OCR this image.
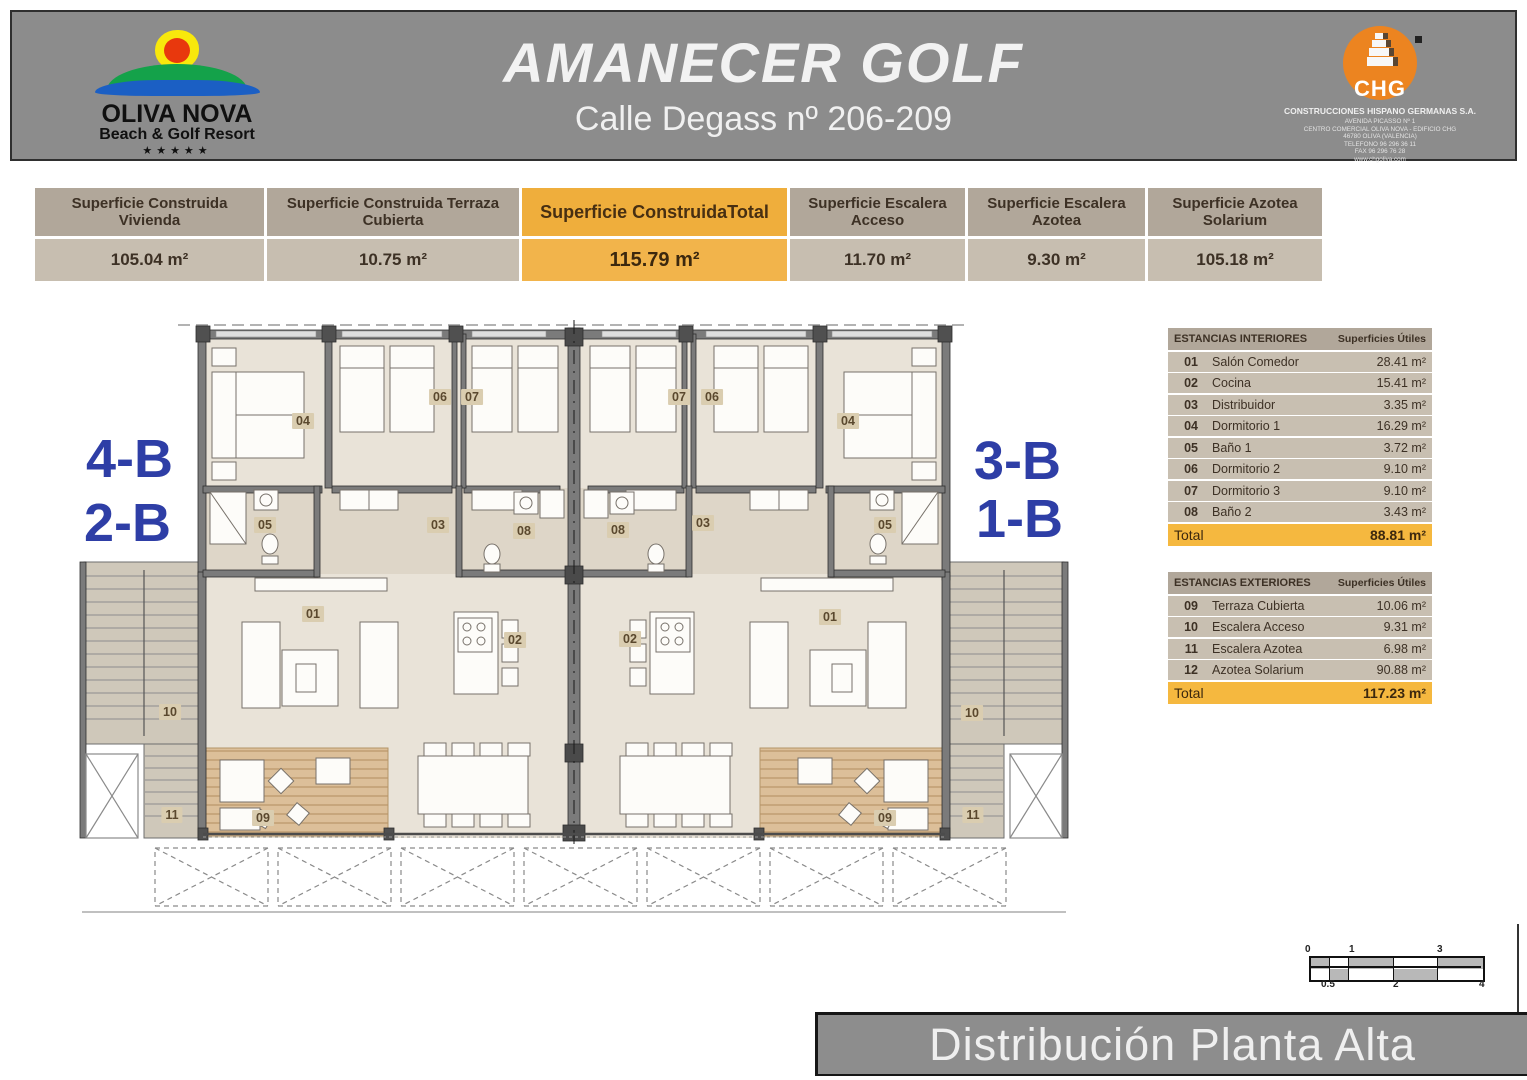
OLIVA NOVA
Beach & Golf Resort
★★★★★
AMANECER GOLF
Calle Degass nº 206-209
CHG
CONSTRUCCIONES HISPANO GERMANAS S.A.
AVENIDA PICASSO Nº 1
CENTRO COMERCIAL OLIVA NOVA - EDIFICIO CHG
46780 OLIVA (VALENCIA)
TELEFONO 96 296 36 11
FAX 96 296 76 28
www.chgoliva.com
Superficie Construida Vivienda
105.04 m²
Superficie Construida Terraza Cubierta
10.75 m²
Superficie ConstruidaTotal
115.79 m²
Superficie Escalera Acceso
11.70 m²
Superficie Escalera Azotea
9.30 m²
Superficie Azotea Solarium
105.18 m²
4-B
2-B
3-B
1-B
04
06	07
05	03	08
01
02
09
10
11
04
06
07
05
03
08
01
02
09
10
11
ESTANCIAS INTERIORES	Superficies Útiles
01	Salón Comedor	28.41 m²
02	Cocina	15.41 m²
03	Distribuidor	3.35 m²
04	Dormitorio 1	16.29 m²
05	Baño 1	3.72 m²
06	Dormitorio 2	9.10 m²
07	Dormitorio 3	9.10 m²
08	Baño 2	3.43 m²
Total	88.81 m²
ESTANCIAS EXTERIORES	Superficies Útiles
09	Terraza Cubierta	10.06 m²
10	Escalera Acceso	9.31 m²
11	Escalera Azotea	6.98 m²
12	Azotea Solarium	90.88 m²
Total	117.23 m²
0	1	3
0.5	2	4
Distribución Planta Alta
